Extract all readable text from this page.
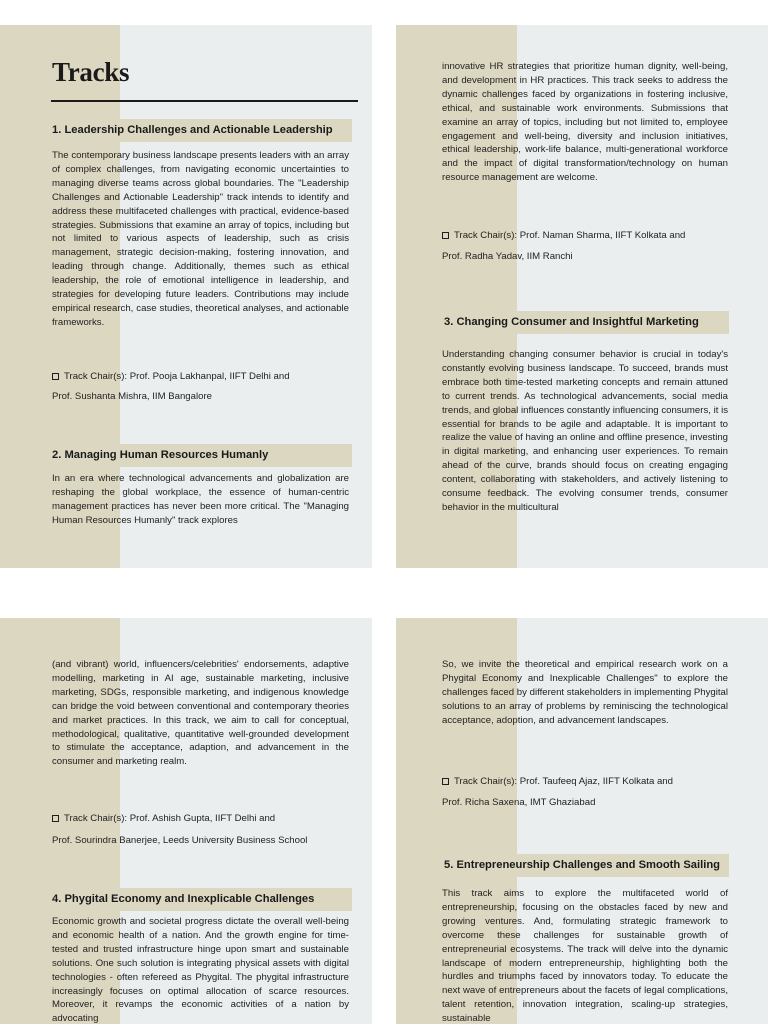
Tracks
1. Leadership Challenges and Actionable Leadership

The contemporary business landscape presents leaders with an array of complex challenges, from navigating economic uncertainties to managing diverse teams across global boundaries. The "Leadership Challenges and Actionable Leadership" track intends to identify and address these multifaceted challenges with practical, evidence-based strategies. Submissions that examine an array of topics, including but not limited to various aspects of leadership, such as crisis management, strategic decision-making, fostering innovation, and leading through change. Additionally, themes such as ethical leadership, the role of emotional intelligence in leadership, and strategies for developing future leaders. Contributions may include empirical research, case studies, theoretical analyses, and actionable frameworks.

Track Chair(s): Prof. Pooja Lakhanpal, IIFT Delhi and

Prof. Sushanta Mishra, IIM Bangalore

2. Managing Human Resources Humanly

In an era where technological advancements and globalization are reshaping the global workplace, the essence of human-centric management practices has never been more critical. The "Managing Human Resources Humanly" track explores

innovative HR strategies that prioritize human dignity, well-being, and development in HR practices. This track seeks to address the dynamic challenges faced by organizations in fostering inclusive, ethical, and sustainable work environments. Submissions that examine an array of topics, including but not limited to, employee engagement and well-being, diversity and inclusion initiatives, ethical leadership, work-life balance, multi-generational workforce and the impact of digital transformation/technology on human resource management are welcome.

Track Chair(s): Prof. Naman Sharma, IIFT Kolkata and

Prof. Radha Yadav, IIM Ranchi

3. Changing Consumer and Insightful Marketing

Understanding changing consumer behavior is crucial in today's constantly evolving business landscape. To succeed, brands must embrace both time-tested marketing concepts and remain attuned to current trends. As technological advancements, social media trends, and global influences constantly influencing consumers, it is essential for brands to be agile and adaptable. It is important to realize the value of having an online and offline presence, investing in digital marketing, and enhancing user experiences. To remain ahead of the curve, brands should focus on creating engaging content, collaborating with stakeholders, and actively listening to consume feedback. The evolving consumer trends, consumer behavior in the multicultural

(and vibrant) world, influencers/celebrities' endorsements, adaptive modelling, marketing in AI age, sustainable marketing, inclusive marketing, SDGs, responsible marketing, and indigenous knowledge can bridge the void between conventional and contemporary theories and market practices. In this track, we aim to call for conceptual, methodological, qualitative, quantitative well-grounded development to stimulate the acceptance, adaption, and advancement in the consumer and marketing realm.

Track Chair(s): Prof. Ashish Gupta, IIFT Delhi and

Prof. Sourindra Banerjee, Leeds University Business School

4. Phygital Economy and Inexplicable Challenges

Economic growth and societal progress dictate the overall well-being and economic health of a nation. And the growth engine for time-tested and trusted infrastructure hinge upon smart and sustainable solutions. One such solution is integrating physical assets with digital technologies - often refereed as Phygital. The phygital infrastructure increasingly focuses on optimal allocation of scarce resources. Moreover, it revamps the economic activities of a nation by advocating

So, we invite the theoretical and empirical research work on a Phygital Economy and Inexplicable Challenges" to explore the challenges faced by different stakeholders in implementing Phygital solutions to an array of problems by reminiscing the technological acceptance, adoption, and advancement landscapes.

Track Chair(s): Prof. Taufeeq Ajaz, IIFT Kolkata and

Prof. Richa Saxena, IMT Ghaziabad

5. Entrepreneurship Challenges and Smooth Sailing

This track aims to explore the multifaceted world of entrepreneurship, focusing on the obstacles faced by new and growing ventures. And, formulating strategic framework to overcome these challenges for sustainable growth of entrepreneurial ecosystems. The track will delve into the dynamic landscape of modern entrepreneurship, highlighting both the hurdles and triumphs faced by innovators today. To educate the next wave of entrepreneurs about the facets of legal complications, talent retention, innovation integration, scaling-up strategies, sustainable
